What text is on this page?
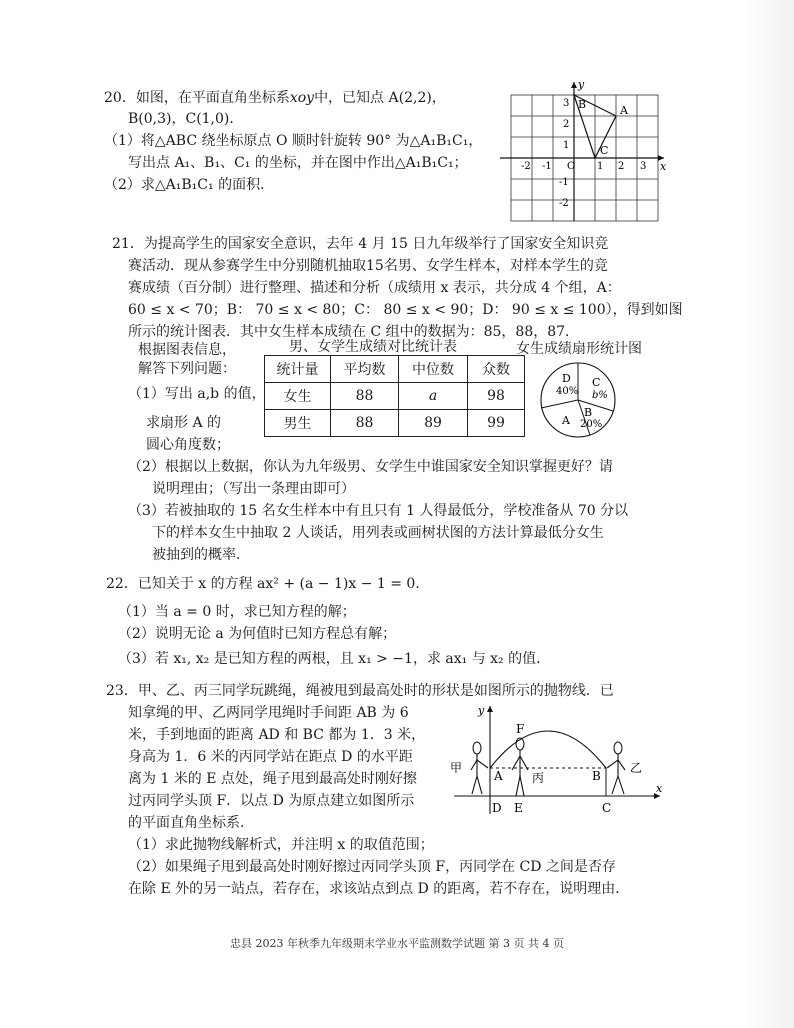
20．如图，在平面直角坐标系xoy中，已知点 A(2,2)，
B(0,3)，C(1,0)．
（1）将△ABC 绕坐标原点 O 顺时针旋转 90° 为△A₁B₁C₁，
写出点 A₁、B₁、C₁ 的坐标，并在图中作出△A₁B₁C₁；
（2）求△A₁B₁C₁ 的面积．
x
y
-2 -1 O 1 2 3
3
2
1
-1
-2
B	A
C
21．为提高学生的国家安全意识，去年 4 月 15 日九年级举行了国家安全知识竞
赛活动．现从参赛学生中分别随机抽取15名男、女学生样本，对样本学生的竞
赛成绩（百分制）进行整理、描述和分析（成绩用 x 表示，共分成 4 个组，A：
60 ≤ x < 70；B： 70 ≤ x < 80；C： 80 ≤ x < 90；D： 90 ≤ x ≤ 100），得到如图
所示的统计图表．其中女生样本成绩在 C 组中的数据为：85，88，87．
根据图表信息，
解答下列问题：
（1）写出 a,b 的值，
求扇形 A 的
圆心角度数；
男、女学生成绩对比统计表
统计量	平均数	中位数	众数
女生	88	a	98
男生	88	89	99
女生成绩扇形统计图
D
40%
C
b%
B
20%
A
（2）根据以上数据，你认为九年级男、女学生中谁国家安全知识掌握更好？请
说明理由；（写出一条理由即可）
（3）若被抽取的 15 名女生样本中有且只有 1 人得最低分，学校准备从 70 分以
下的样本女生中抽取 2 人谈话，用列表或画树状图的方法计算最低分女生
被抽到的概率．
22．已知关于 x 的方程 ax² + (a − 1)x − 1 = 0．
（1）当 a = 0 时，求已知方程的解；
（2）说明无论 a 为何值时已知方程总有解；
（3）若 x₁, x₂ 是已知方程的两根，且 x₁ > −1，求 ax₁ 与 x₂ 的值．
23．甲、乙、丙三同学玩跳绳，绳被甩到最高处时的形状是如图所示的抛物线．已
知拿绳的甲、乙两同学甩绳时手间距 AB 为 6
米，手到地面的距离 AD 和 BC 都为 1．3 米，
身高为 1．6 米的丙同学站在距点 D 的水平距
离为 1 米的 E 点处，绳子甩到最高处时刚好擦
过丙同学头顶 F．以点 D 为原点建立如图所示
的平面直角坐标系．
（1）求此抛物线解析式，并注明 x 的取值范围；
（2）如果绳子甩到最高处时刚好擦过丙同学头顶 F，丙同学在 CD 之间是否存
在除 E 外的另一站点，若存在，求该站点到点 D 的距离，若不存在，说明理由．
y
x
F
A	B
D E	C
甲	乙
丙
忠县 2023 年秋季九年级期末学业水平监测数学试题 第 3 页 共 4 页
